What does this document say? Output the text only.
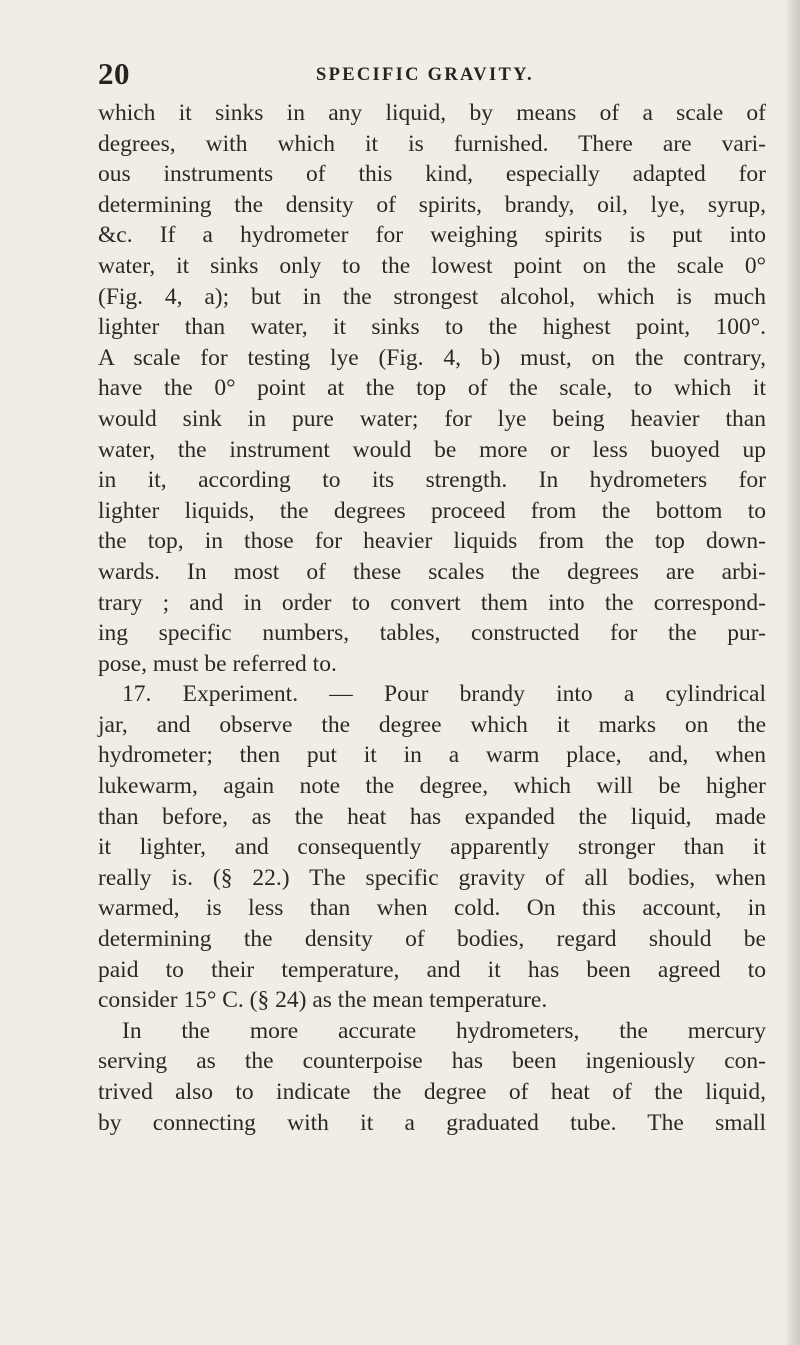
20	SPECIFIC GRAVITY.
which it sinks in any liquid, by means of a scale of
degrees, with which it is furnished. There are vari-
ous instruments of this kind, especially adapted for
determining the density of spirits, brandy, oil, lye, syrup,
&c. If a hydrometer for weighing spirits is put into
water, it sinks only to the lowest point on the scale 0°
(Fig. 4, a); but in the strongest alcohol, which is much
lighter than water, it sinks to the highest point, 100°.
A scale for testing lye (Fig. 4, b) must, on the contrary,
have the 0° point at the top of the scale, to which it
would sink in pure water; for lye being heavier than
water, the instrument would be more or less buoyed up
in it, according to its strength. In hydrometers for
lighter liquids, the degrees proceed from the bottom to
the top, in those for heavier liquids from the top down-
wards. In most of these scales the degrees are arbi-
trary ; and in order to convert them into the correspond-
ing specific numbers, tables, constructed for the pur-
pose, must be referred to.
17. Experiment. — Pour brandy into a cylindrical
jar, and observe the degree which it marks on the
hydrometer; then put it in a warm place, and, when
lukewarm, again note the degree, which will be higher
than before, as the heat has expanded the liquid, made
it lighter, and consequently apparently stronger than it
really is. (§ 22.) The specific gravity of all bodies, when
warmed, is less than when cold. On this account, in
determining the density of bodies, regard should be
paid to their temperature, and it has been agreed to
consider 15° C. (§ 24) as the mean temperature.
In the more accurate hydrometers, the mercury
serving as the counterpoise has been ingeniously con-
trived also to indicate the degree of heat of the liquid,
by connecting with it a graduated tube. The small
